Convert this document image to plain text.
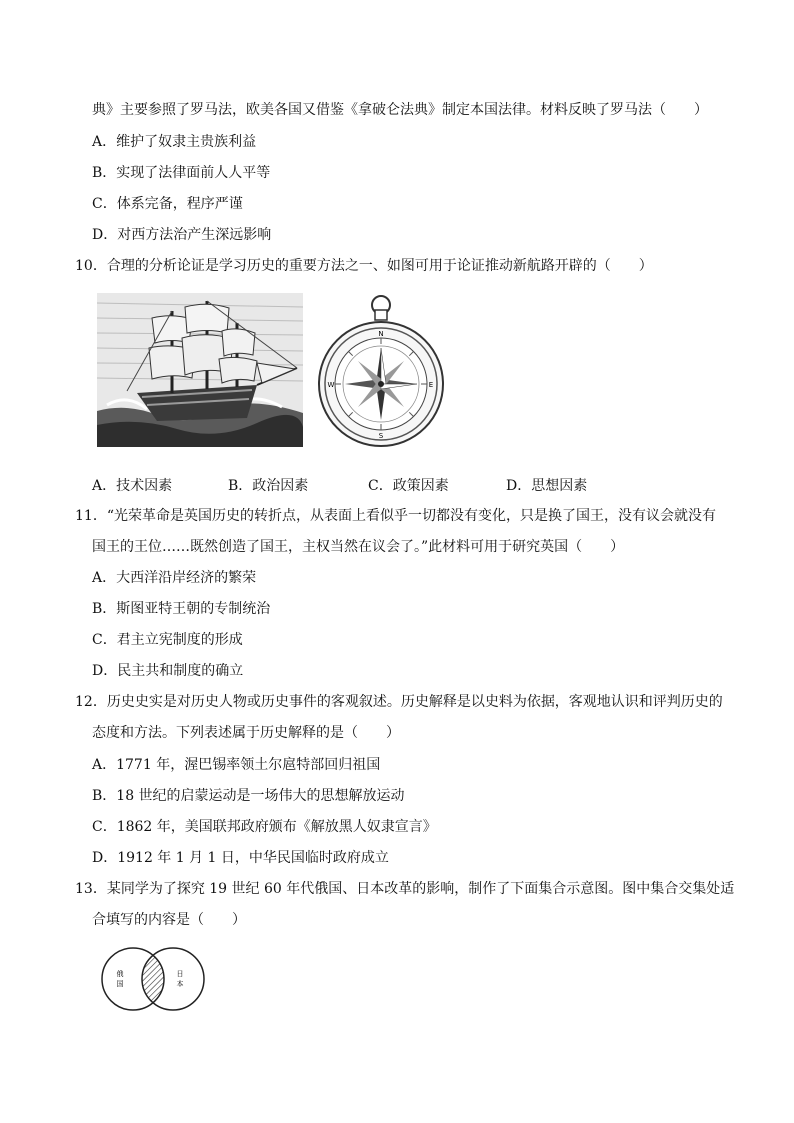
典》主要参照了罗马法，欧美各国又借鉴《拿破仑法典》制定本国法律。材料反映了罗马法（　　）
A．维护了奴隶主贵族利益
B．实现了法律面前人人平等
C．体系完备，程序严谨
D．对西方法治产生深远影响
10．合理的分析论证是学习历史的重要方法之一、如图可用于论证推动新航路开辟的（　　）
N
S
E
W
A．技术因素	B．政治因素	C．政策因素	D．思想因素
11．“光荣革命是英国历史的转折点，从表面上看似乎一切都没有变化，只是换了国王，没有议会就没有
国王的王位……既然创造了国王，主权当然在议会了。”此材料可用于研究英国（　　）
A．大西洋沿岸经济的繁荣
B．斯图亚特王朝的专制统治
C．君主立宪制度的形成
D．民主共和制度的确立
12．历史史实是对历史人物或历史事件的客观叙述。历史解释是以史料为依据，客观地认识和评判历史的
态度和方法。下列表述属于历史解释的是（　　）
A．1771 年，渥巴锡率领土尔扈特部回归祖国
B．18 世纪的启蒙运动是一场伟大的思想解放运动
C．1862 年，美国联邦政府颁布《解放黑人奴隶宣言》
D．1912 年 1 月 1 日，中华民国临时政府成立
13．某同学为了探究 19 世纪 60 年代俄国、日本改革的影响，制作了下面集合示意图。图中集合交集处适
合填写的内容是（　　）
俄
国
日
本
